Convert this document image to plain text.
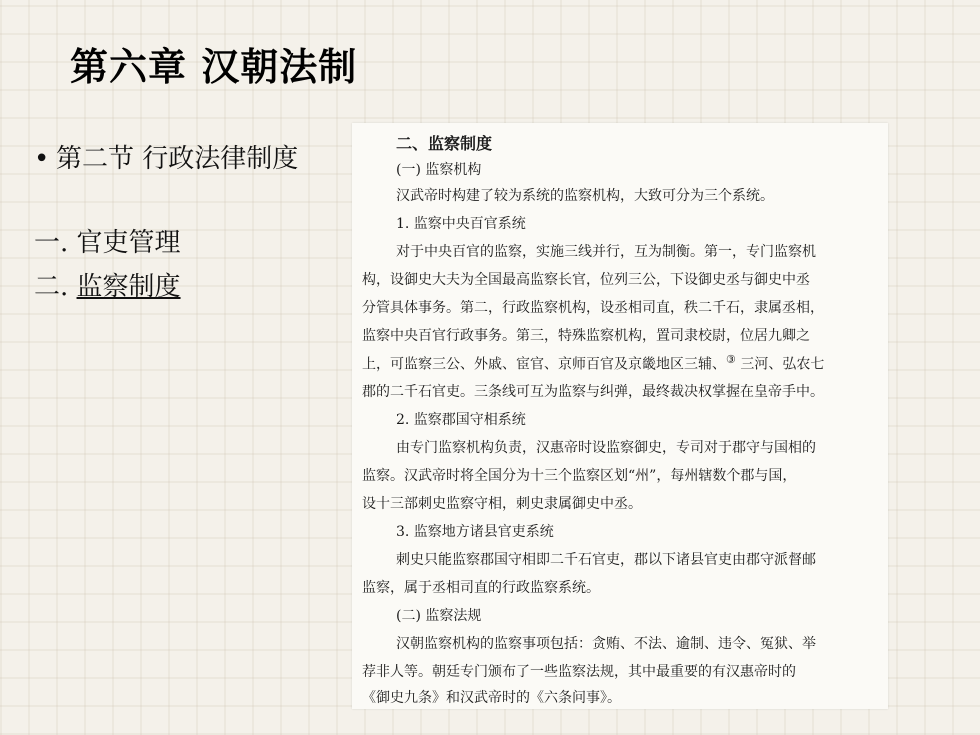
第六章 汉朝法制
• 第二节 行政法律制度
一. 官吏管理
二. 监察制度
二、监察制度
(一) 监察机构
汉武帝时构建了较为系统的监察机构，大致可分为三个系统。
1. 监察中央百官系统
对于中央百官的监察，实施三线并行，互为制衡。第一，专门监察机
构，设御史大夫为全国最高监察长官，位列三公，下设御史丞与御史中丞
分管具体事务。第二，行政监察机构，设丞相司直，秩二千石，隶属丞相，
监察中央百官行政事务。第三，特殊监察机构，置司隶校尉，位居九卿之
上，可监察三公、外戚、宦官、京师百官及京畿地区三辅、③ 三河、弘农七
郡的二千石官吏。三条线可互为监察与纠弹，最终裁决权掌握在皇帝手中。
2. 监察郡国守相系统
由专门监察机构负责，汉惠帝时设监察御史，专司对于郡守与国相的
监察。汉武帝时将全国分为十三个监察区划“州”，每州辖数个郡与国，
设十三部刺史监察守相，刺史隶属御史中丞。
3. 监察地方诸县官吏系统
刺史只能监察郡国守相即二千石官吏，郡以下诸县官吏由郡守派督邮
监察，属于丞相司直的行政监察系统。
(二) 监察法规
汉朝监察机构的监察事项包括：贪贿、不法、逾制、违令、冤狱、举
荐非人等。朝廷专门颁布了一些监察法规，其中最重要的有汉惠帝时的
《御史九条》和汉武帝时的《六条问事》。
